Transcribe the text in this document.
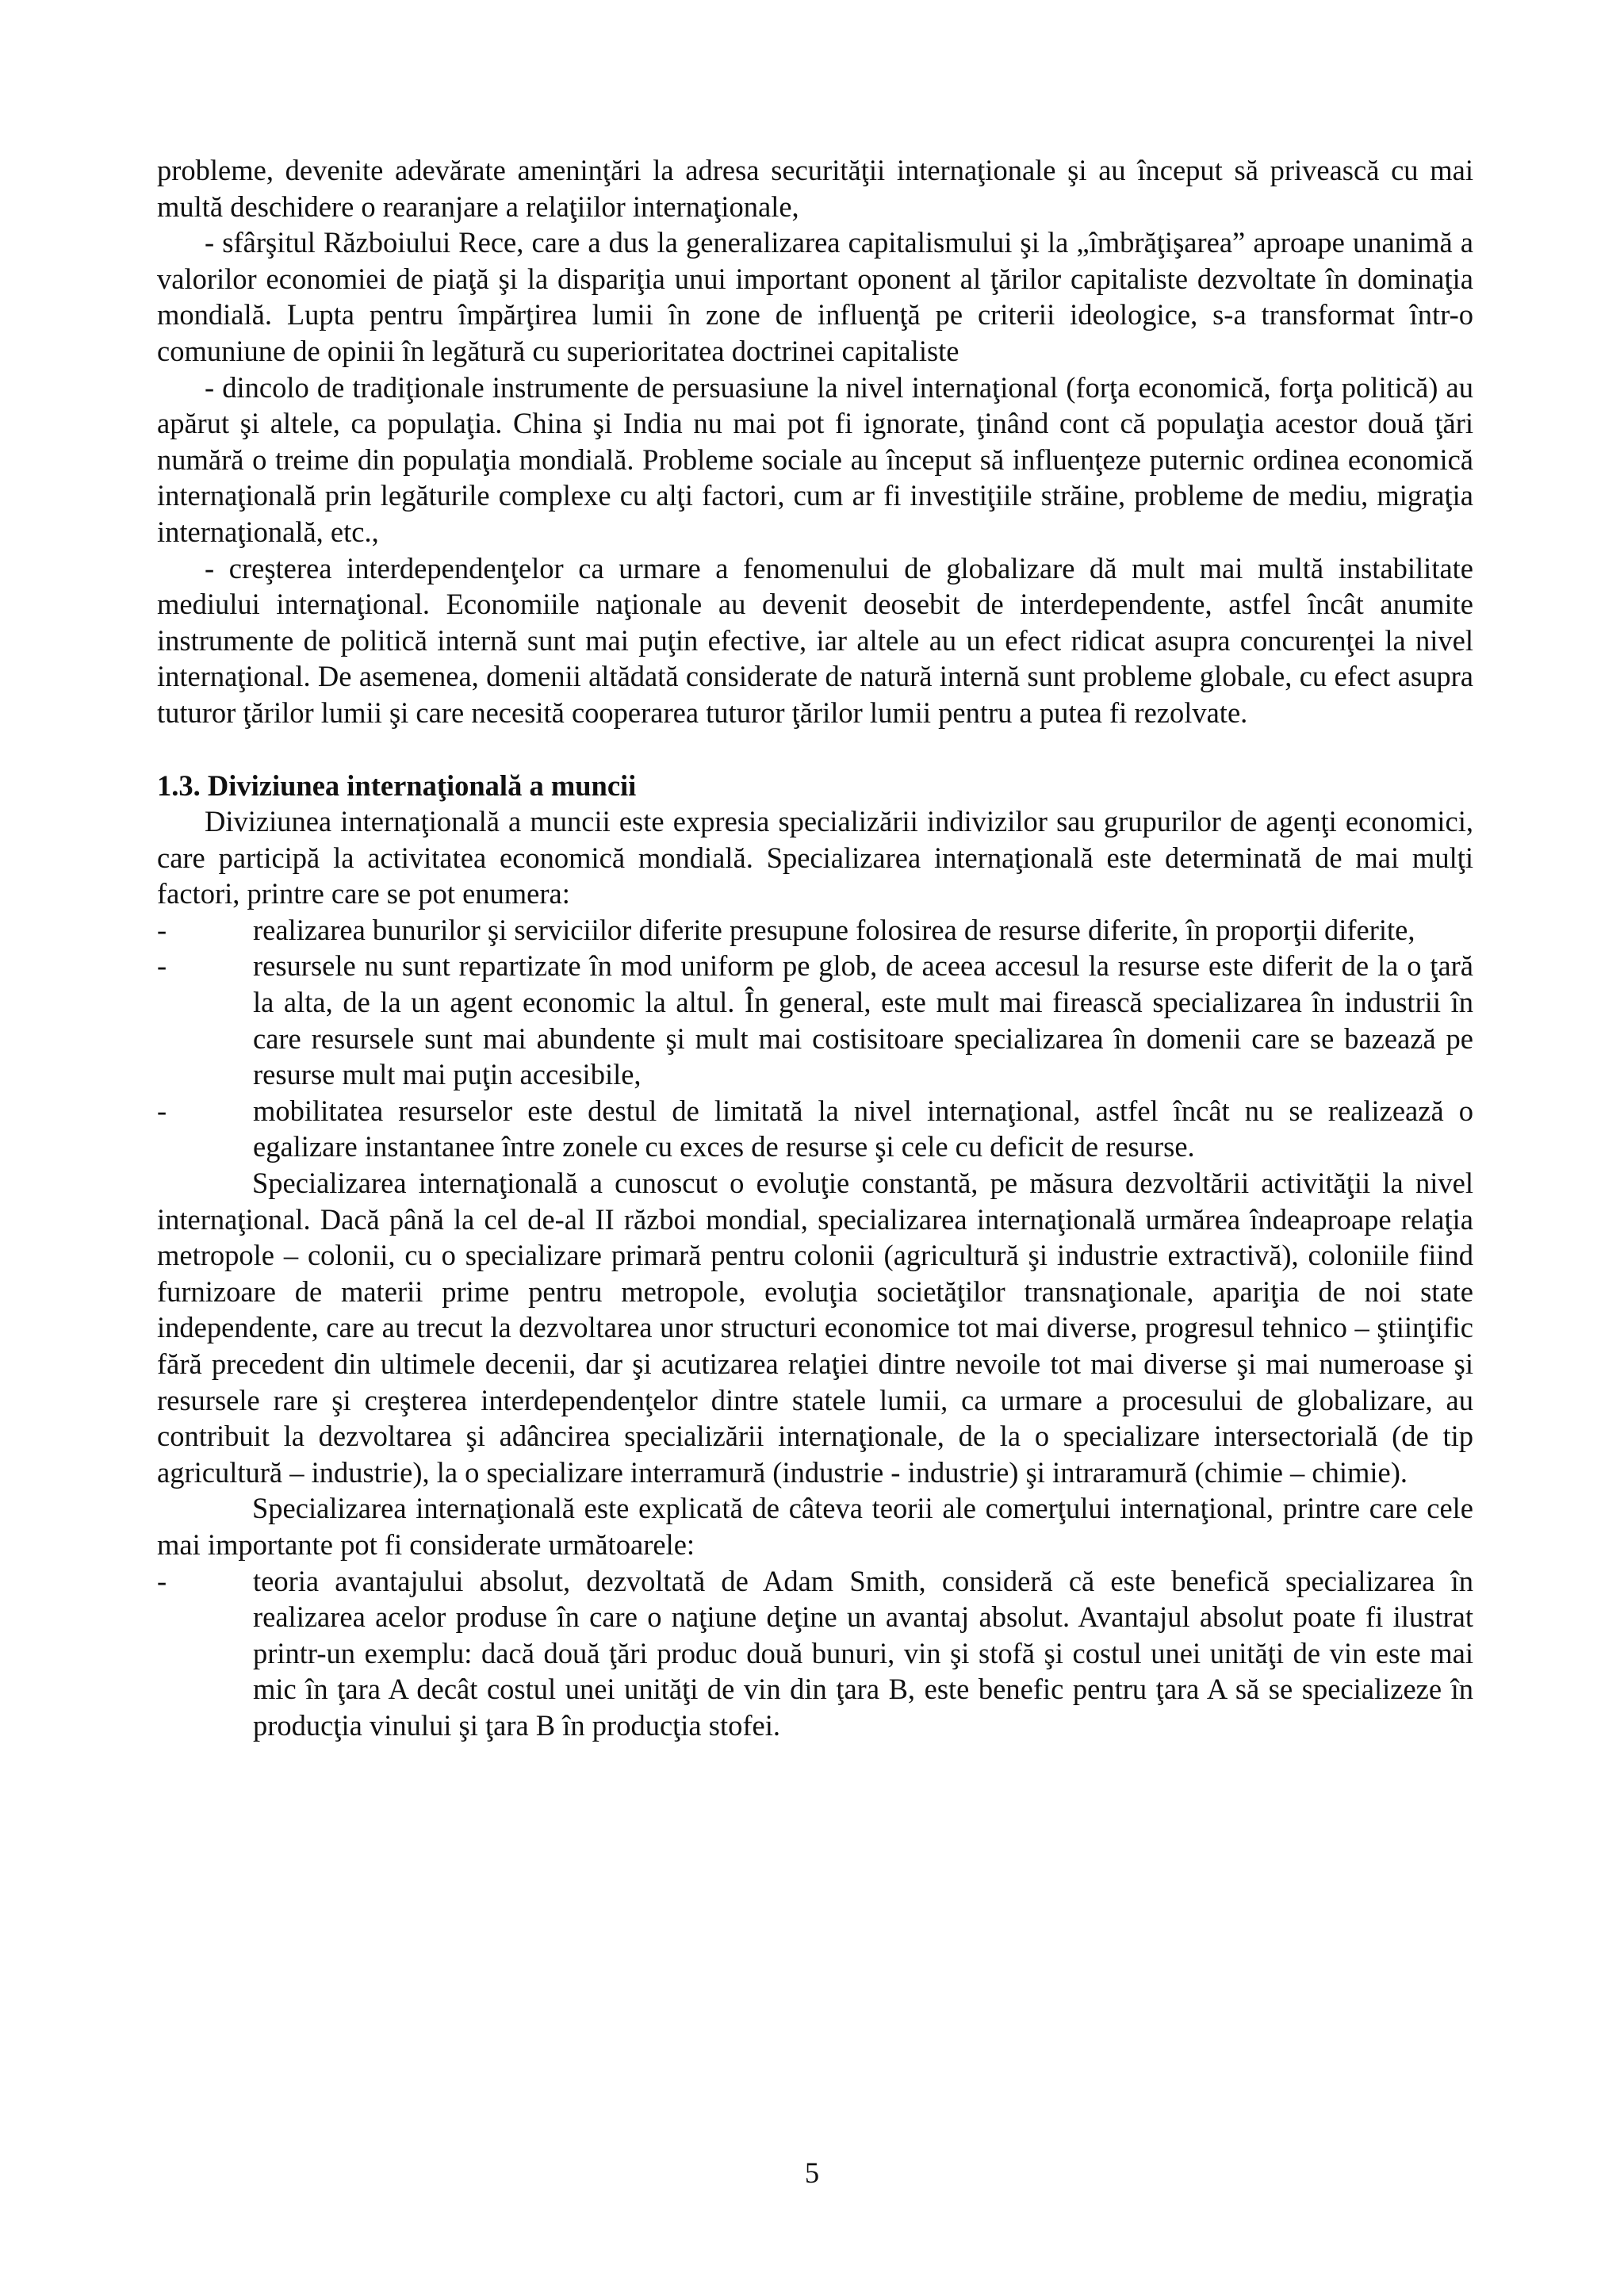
probleme, devenite adevărate ameninţări la adresa securităţii internaţionale şi au început să privească cu mai multă deschidere o rearanjare a relaţiilor internaţionale,

- sfârşitul Războiului Rece, care a dus la generalizarea capitalismului şi la „îmbrăţişarea” aproape unanimă a valorilor economiei de piaţă şi la dispariţia unui important oponent al ţărilor capitaliste dezvoltate în dominaţia mondială. Lupta pentru împărţirea lumii în zone de influenţă pe criterii ideologice, s-a transformat într-o comuniune de opinii în legătură cu superioritatea doctrinei capitaliste

- dincolo de tradiţionale instrumente de persuasiune la nivel internaţional (forţa economică, forţa politică) au apărut şi altele, ca populaţia. China şi India nu mai pot fi ignorate, ţinând cont că populaţia acestor două ţări numără o treime din populaţia mondială. Probleme sociale au început să influenţeze puternic ordinea economică internaţională prin legăturile complexe cu alţi factori, cum ar fi investiţiile străine, probleme de mediu, migraţia internaţională, etc.,

- creşterea interdependenţelor ca urmare a fenomenului de globalizare dă mult mai multă instabilitate mediului internaţional. Economiile naţionale au devenit deosebit de interdependente, astfel încât anumite instrumente de politică internă sunt mai puţin efective, iar altele au un efect ridicat asupra concurenţei la nivel internaţional. De asemenea, domenii altădată considerate de natură internă sunt probleme globale, cu efect asupra tuturor ţărilor lumii şi care necesită cooperarea tuturor ţărilor lumii pentru a putea fi rezolvate.

1.3. Diviziunea internaţională a muncii

Diviziunea internaţională a muncii este expresia specializării indivizilor sau grupurilor de agenţi economici, care participă la activitatea economică mondială. Specializarea internaţională este determinată de mai mulţi factori, printre care se pot enumera:

-	realizarea bunurilor şi serviciilor diferite presupune folosirea de resurse diferite, în proporţii diferite,
-	resursele nu sunt repartizate în mod uniform pe glob, de aceea accesul la resurse este diferit de la o ţară la alta, de la un agent economic la altul. În general, este mult mai firească specializarea în industrii în care resursele sunt mai abundente şi mult mai costisitoare specializarea în domenii care se bazează pe resurse mult mai puţin accesibile,
-	mobilitatea resurselor este destul de limitată la nivel internaţional, astfel încât nu se realizează o egalizare instantanee între zonele cu exces de resurse şi cele cu deficit de resurse.

Specializarea internaţională a cunoscut o evoluţie constantă, pe măsura dezvoltării activităţii la nivel internaţional. Dacă până la cel de-al II război mondial, specializarea internaţională urmărea îndeaproape relaţia metropole – colonii, cu o specializare primară pentru colonii (agricultură şi industrie extractivă), coloniile fiind furnizoare de materii prime pentru metropole, evoluţia societăţilor transnaţionale, apariţia de noi state independente, care au trecut la dezvoltarea unor structuri economice tot mai diverse, progresul tehnico – ştiinţific fără precedent din ultimele decenii, dar şi acutizarea relaţiei dintre nevoile tot mai diverse şi mai numeroase şi resursele rare şi creşterea interdependenţelor dintre statele lumii, ca urmare a procesului de globalizare, au contribuit la dezvoltarea şi adâncirea specializării internaţionale, de la o specializare intersectorială (de tip agricultură – industrie), la o specializare interramură (industrie - industrie) şi intraramură (chimie – chimie).

Specializarea internaţională este explicată de câteva teorii ale comerţului internaţional, printre care cele mai importante pot fi considerate următoarele:

-	teoria avantajului absolut, dezvoltată de Adam Smith, consideră că este benefică specializarea în realizarea acelor produse în care o naţiune deţine un avantaj absolut. Avantajul absolut poate fi ilustrat printr-un exemplu: dacă două ţări produc două bunuri, vin şi stofă şi costul unei unităţi de vin este mai mic în ţara A decât costul unei unităţi de vin din ţara B, este benefic pentru ţara A să se specializeze în producţia vinului şi ţara B în producţia stofei.
5
